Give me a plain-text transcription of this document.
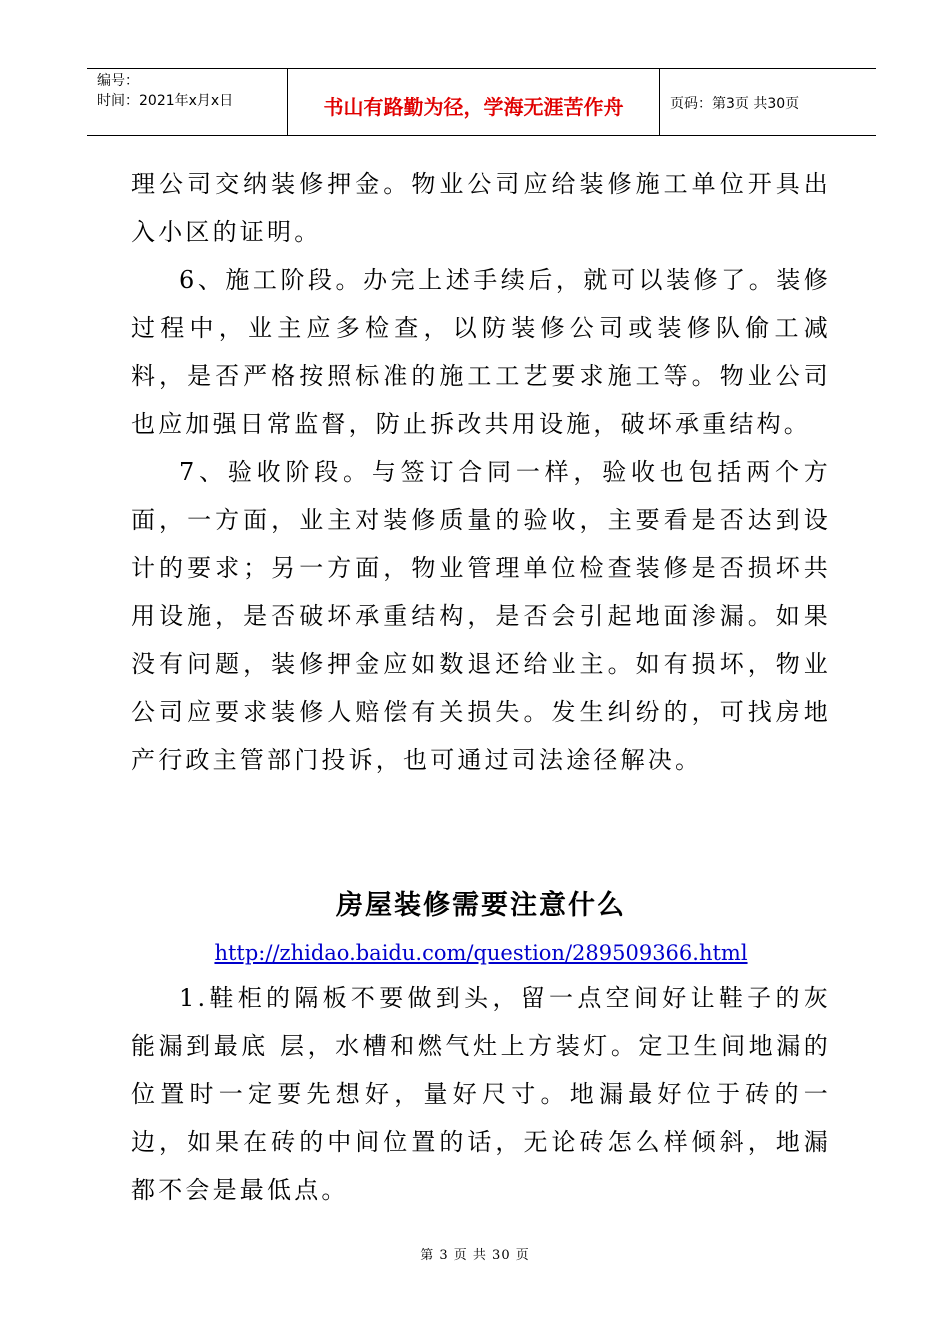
编号：
时间：2021年x月x日	书山有路勤为径，学海无涯苦作舟	页码：第3页 共30页

理公司交纳装修押金。物业公司应给装修施工单位开具出入小区的证明。

6、施工阶段。办完上述手续后，就可以装修了。装修过程中，业主应多检查，以防装修公司或装修队偷工减料，是否严格按照标准的施工工艺要求施工等。物业公司也应加强日常监督，防止拆改共用设施，破坏承重结构。

7、验收阶段。与签订合同一样，验收也包括两个方面，一方面，业主对装修质量的验收，主要看是否达到设计的要求；另一方面，物业管理单位检查装修是否损坏共用设施，是否破坏承重结构，是否会引起地面渗漏。如果没有问题，装修押金应如数退还给业主。如有损坏，物业公司应要求装修人赔偿有关损失。发生纠纷的，可找房地产行政主管部门投诉，也可通过司法途径解决。

房屋装修需要注意什么

http://zhidao.baidu.com/question/289509366.html

1.鞋柜的隔板不要做到头，留一点空间好让鞋子的灰能漏到最底 层，水槽和燃气灶上方装灯。定卫生间地漏的位置时一定要先想好，量好尺寸。地漏最好位于砖的一边，如果在砖的中间位置的话，无论砖怎么样倾斜，地漏都不会是最低点。

第 3 页 共 30 页
